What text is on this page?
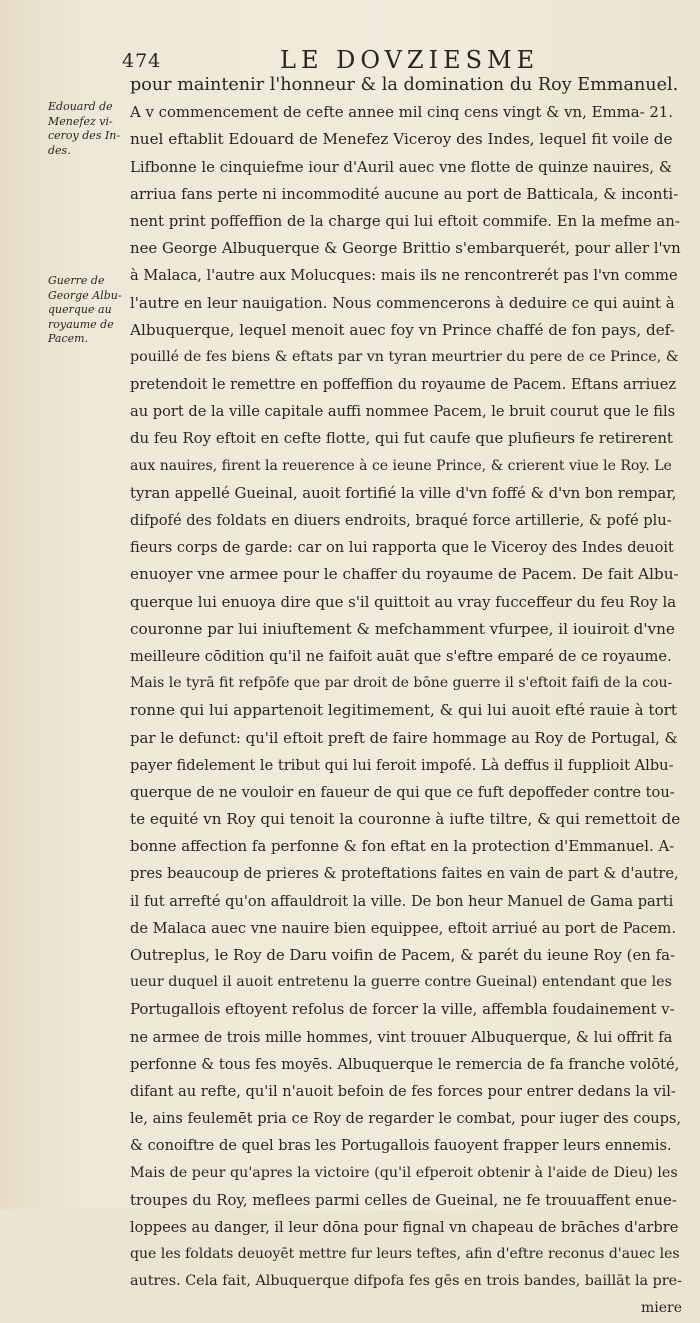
474	LE DOVZIESME
Edouard de
Menefez vi-
ceroy des In-
des.
Guerre de
George Albu-
querque au
royaume de
Pacem.
pour maintenir l'honneur & la domination du Roy Emmanuel.
A v commencement de cefte annee mil cinq cens vingt & vn, Emma- 21.
nuel eftablit Edouard de Menefez Viceroy des Indes, lequel fit voile de
Lifbonne le cinquiefme iour d'Auril auec vne flotte de quinze nauires, &
arriua fans perte ni incommodité aucune au port de Batticala, & inconti-
nent print poffeffion de la charge qui lui eftoit commife. En la mefme an-
nee George Albuquerque & George Brittio s'embarquerét, pour aller l'vn
à Malaca, l'autre aux Molucques: mais ils ne rencontrerét pas l'vn comme
l'autre en leur nauigation. Nous commencerons à deduire ce qui auint à
Albuquerque, lequel menoit auec foy vn Prince chaffé de fon pays, def-
pouillé de fes biens & eftats par vn tyran meurtrier du pere de ce Prince, &
pretendoit le remettre en poffeffion du royaume de Pacem. Eftans arriuez
au port de la ville capitale auffi nommee Pacem, le bruit courut que le fils
du feu Roy eftoit en cefte flotte, qui fut caufe que plufieurs fe retirerent
aux nauires, firent la reuerence à ce ieune Prince, & crierent viue le Roy. Le
tyran appellé Gueinal, auoit fortifié la ville d'vn foffé & d'vn bon rempar,
difpofé des foldats en diuers endroits, braqué force artillerie, & pofé plu-
fieurs corps de garde: car on lui rapporta que le Viceroy des Indes deuoit
enuoyer vne armee pour le chaffer du royaume de Pacem. De fait Albu-
querque lui enuoya dire que s'il quittoit au vray fucceffeur du feu Roy la
couronne par lui iniuftement & mefchamment vfurpee, il iouiroit d'vne
meilleure cōdition qu'il ne faifoit auāt que s'eftre emparé de ce royaume.
Mais le tyrā fit refpōfe que par droit de bōne guerre il s'eftoit faifi de la cou-
ronne qui lui appartenoit legitimement, & qui lui auoit efté rauie à tort
par le defunct: qu'il eftoit preft de faire hommage au Roy de Portugal, &
payer fidelement le tribut qui lui feroit impofé. Là deffus il fupplioit Albu-
querque de ne vouloir en faueur de qui que ce fuft depoffeder contre tou-
te equité vn Roy qui tenoit la couronne à iufte tiltre, & qui remettoit de
bonne affection fa perfonne & fon eftat en la protection d'Emmanuel. A-
pres beaucoup de prieres & proteftations faites en vain de part & d'autre,
il fut arrefté qu'on affauldroit la ville. De bon heur Manuel de Gama parti
de Malaca auec vne nauire bien equippee, eftoit arriué au port de Pacem.
Outreplus, le Roy de Daru voifin de Pacem, & parét du ieune Roy (en fa-
ueur duquel il auoit entretenu la guerre contre Gueinal) entendant que les
Portugallois eftoyent refolus de forcer la ville, affembla foudainement v-
ne armee de trois mille hommes, vint trouuer Albuquerque, & lui offrit fa
perfonne & tous fes moyēs. Albuquerque le remercia de fa franche volōté,
difant au refte, qu'il n'auoit befoin de fes forces pour entrer dedans la vil-
le, ains feulemēt pria ce Roy de regarder le combat, pour iuger des coups,
& conoiftre de quel bras les Portugallois fauoyent frapper leurs ennemis.
Mais de peur qu'apres la victoire (qu'il efperoit obtenir à l'aide de Dieu) les
troupes du Roy, meflees parmi celles de Gueinal, ne fe trouuaffent enue-
loppees au danger, il leur dōna pour fignal vn chapeau de brāches d'arbre
que les foldats deuoyēt mettre fur leurs teftes, afin d'eftre reconus d'auec les
autres. Cela fait, Albuquerque difpofa fes gēs en trois bandes, baillāt la pre-
miere
